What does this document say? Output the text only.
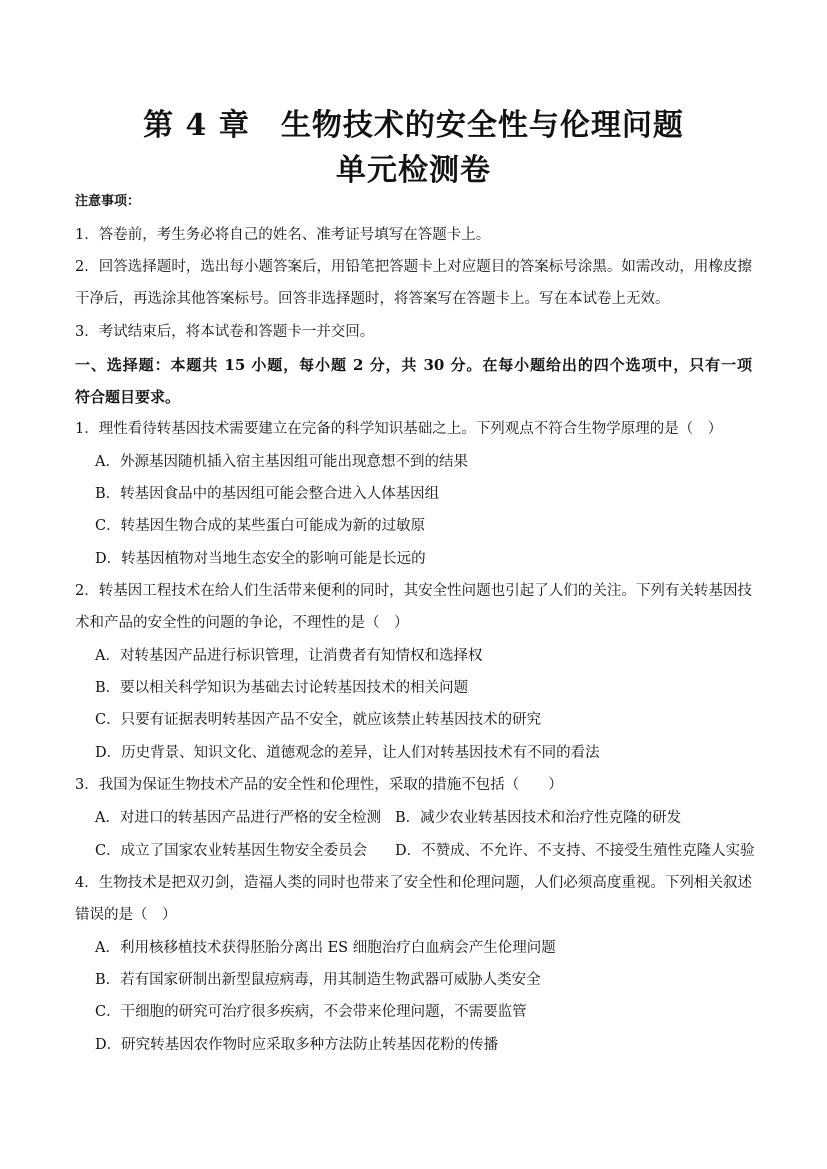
第 4 章　生物技术的安全性与伦理问题
单元检测卷
注意事项：
1．答卷前，考生务必将自己的姓名、准考证号填写在答题卡上。
2．回答选择题时，选出每小题答案后，用铅笔把答题卡上对应题目的答案标号涂黑。如需改动，用橡皮擦
干净后，再选涂其他答案标号。回答非选择题时，将答案写在答题卡上。写在本试卷上无效。
3．考试结束后，将本试卷和答题卡一并交回。
一、选择题：本题共 15 小题，每小题 2 分，共 30 分。在每小题给出的四个选项中，只有一项
符合题目要求。
1．理性看待转基因技术需要建立在完备的科学知识基础之上。下列观点不符合生物学原理的是（　）
A．外源基因随机插入宿主基因组可能出现意想不到的结果
B．转基因食品中的基因组可能会整合进入人体基因组
C．转基因生物合成的某些蛋白可能成为新的过敏原
D．转基因植物对当地生态安全的影响可能是长远的
2．转基因工程技术在给人们生活带来便利的同时，其安全性问题也引起了人们的关注。下列有关转基因技
术和产品的安全性的问题的争论，不理性的是（　）
A．对转基因产品进行标识管理，让消费者有知情权和选择权
B．要以相关科学知识为基础去讨论转基因技术的相关问题
C．只要有证据表明转基因产品不安全，就应该禁止转基因技术的研究
D．历史背景、知识文化、道德观念的差异，让人们对转基因技术有不同的看法
3．我国为保证生物技术产品的安全性和伦理性，采取的措施不包括（　　）
A．对进口的转基因产品进行严格的安全检测 B．减少农业转基因技术和治疗性克隆的研发
C．成立了国家农业转基因生物安全委员会 D．不赞成、不允许、不支持、不接受生殖性克隆人实验
4．生物技术是把双刃剑，造福人类的同时也带来了安全性和伦理问题，人们必须高度重视。下列相关叙述
错误的是（　）
A．利用核移植技术获得胚胎分离出 ES 细胞治疗白血病会产生伦理问题
B．若有国家研制出新型鼠痘病毒，用其制造生物武器可威胁人类安全
C．干细胞的研究可治疗很多疾病，不会带来伦理问题，不需要监管
D．研究转基因农作物时应采取多种方法防止转基因花粉的传播
